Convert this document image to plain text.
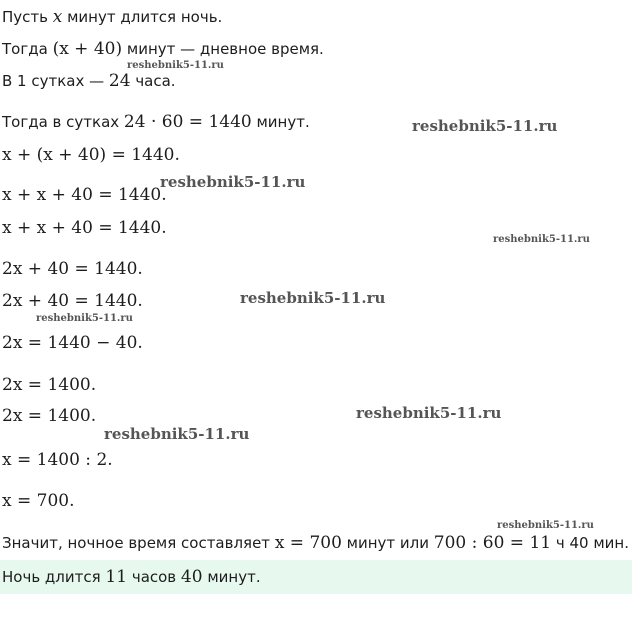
Пусть x минут длится ночь.
Тогда (x + 40) минут — дневное время.
В 1 сутках — 24 часа.
Тогда в сутках 24 · 60 = 1440 минут.
x + (x + 40) = 1440.
x + x + 40 = 1440.
x + x + 40 = 1440.
2x + 40 = 1440.
2x + 40 = 1440.
2x = 1440 − 40.
2x = 1400.
2x = 1400.
x = 1400 : 2.
x = 700.
Значит, ночное время составляет x = 700 минут или 700 : 60 = 11 ч 40 мин.
Ночь длится 11 часов 40 минут.
reshebnik5-11.ru
reshebnik5-11.ru
reshebnik5-11.ru
reshebnik5-11.ru
reshebnik5-11.ru
reshebnik5-11.ru
reshebnik5-11.ru
reshebnik5-11.ru
reshebnik5-11.ru
